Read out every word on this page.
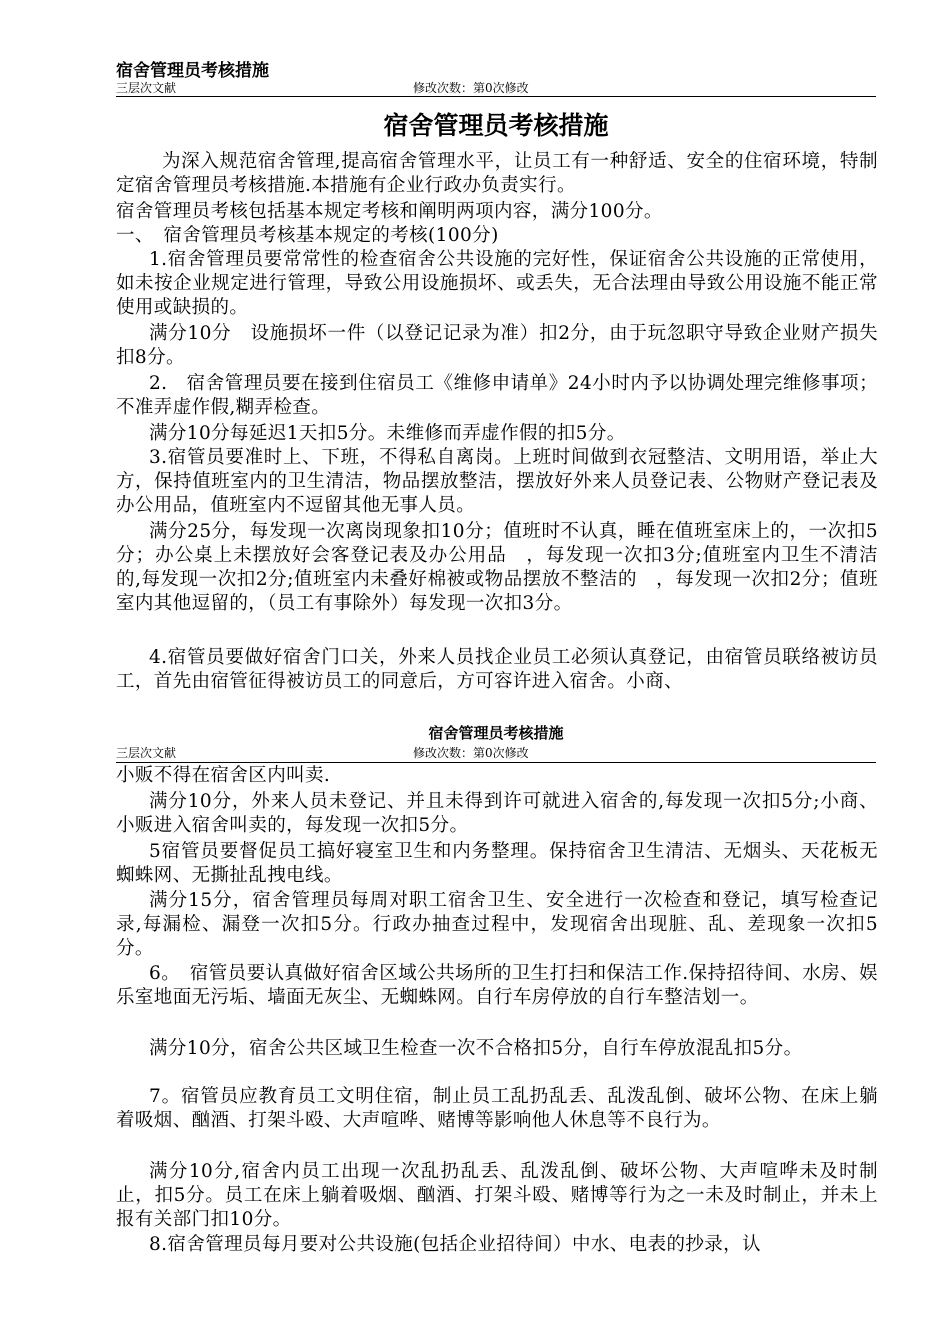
宿舍管理员考核措施
三层次文献	修改次数：第0次修改
宿舍管理员考核措施
为深入规范宿舍管理,提高宿舍管理水平，让员工有一种舒适、安全的住宿环境，特制定宿舍管理员考核措施.本措施有企业行政办负责实行。
宿舍管理员考核包括基本规定考核和阐明两项内容，满分100分。
一、　宿舍管理员考核基本规定的考核(100分)
1.宿舍管理员要常常性的检查宿舍公共设施的完好性，保证宿舍公共设施的正常使用，如未按企业规定进行管理，导致公用设施损坏、或丢失，无合法理由导致公用设施不能正常使用或缺损的。
满分10分　设施损坏一件（以登记记录为准）扣2分，由于玩忽职守导致企业财产损失扣8分。
2.　宿舍管理员要在接到住宿员工《维修申请单》24小时内予以协调处理完维修事项；不准弄虚作假,糊弄检查。
满分10分每延迟1天扣5分。未维修而弄虚作假的扣5分。
3.宿管员要准时上、下班，不得私自离岗。上班时间做到衣冠整洁、文明用语，举止大方，保持值班室内的卫生清洁，物品摆放整洁，摆放好外来人员登记表、公物财产登记表及办公用品，值班室内不逗留其他无事人员。
满分25分，每发现一次离岗现象扣10分；值班时不认真，睡在值班室床上的，一次扣5分；办公桌上未摆放好会客登记表及办公用品　，每发现一次扣3分;值班室内卫生不清洁的,每发现一次扣2分;值班室内未叠好棉被或物品摆放不整洁的　，每发现一次扣2分；值班室内其他逗留的，（员工有事除外）每发现一次扣3分。
4.宿管员要做好宿舍门口关，外来人员找企业员工必须认真登记，由宿管员联络被访员工，首先由宿管征得被访员工的同意后，方可容许进入宿舍。小商、
宿舍管理员考核措施
三层次文献	修改次数：第0次修改
小贩不得在宿舍区内叫卖.
满分10分，外来人员未登记、并且未得到许可就进入宿舍的,每发现一次扣5分;小商、小贩进入宿舍叫卖的，每发现一次扣5分。
5宿管员要督促员工搞好寝室卫生和内务整理。保持宿舍卫生清洁、无烟头、天花板无蜘蛛网、无撕扯乱拽电线。
满分15分，宿舍管理员每周对职工宿舍卫生、安全进行一次检查和登记，填写检查记录,每漏检、漏登一次扣5分。行政办抽查过程中，发现宿舍出现脏、乱、差现象一次扣5分。
6。　宿管员要认真做好宿舍区域公共场所的卫生打扫和保洁工作.保持招待间、水房、娱乐室地面无污垢、墙面无灰尘、无蜘蛛网。自行车房停放的自行车整洁划一。
满分10分，宿舍公共区域卫生检查一次不合格扣5分，自行车停放混乱扣5分。
7。宿管员应教育员工文明住宿，制止员工乱扔乱丢、乱泼乱倒、破坏公物、在床上躺着吸烟、酗酒、打架斗殴、大声喧哗、赌博等影响他人休息等不良行为。
满分10分,宿舍内员工出现一次乱扔乱丢、乱泼乱倒、破坏公物、大声喧哗未及时制止，扣5分。员工在床上躺着吸烟、酗酒、打架斗殴、赌博等行为之一未及时制止，并未上报有关部门扣10分。
8.宿舍管理员每月要对公共设施(包括企业招待间）中水、电表的抄录，认
